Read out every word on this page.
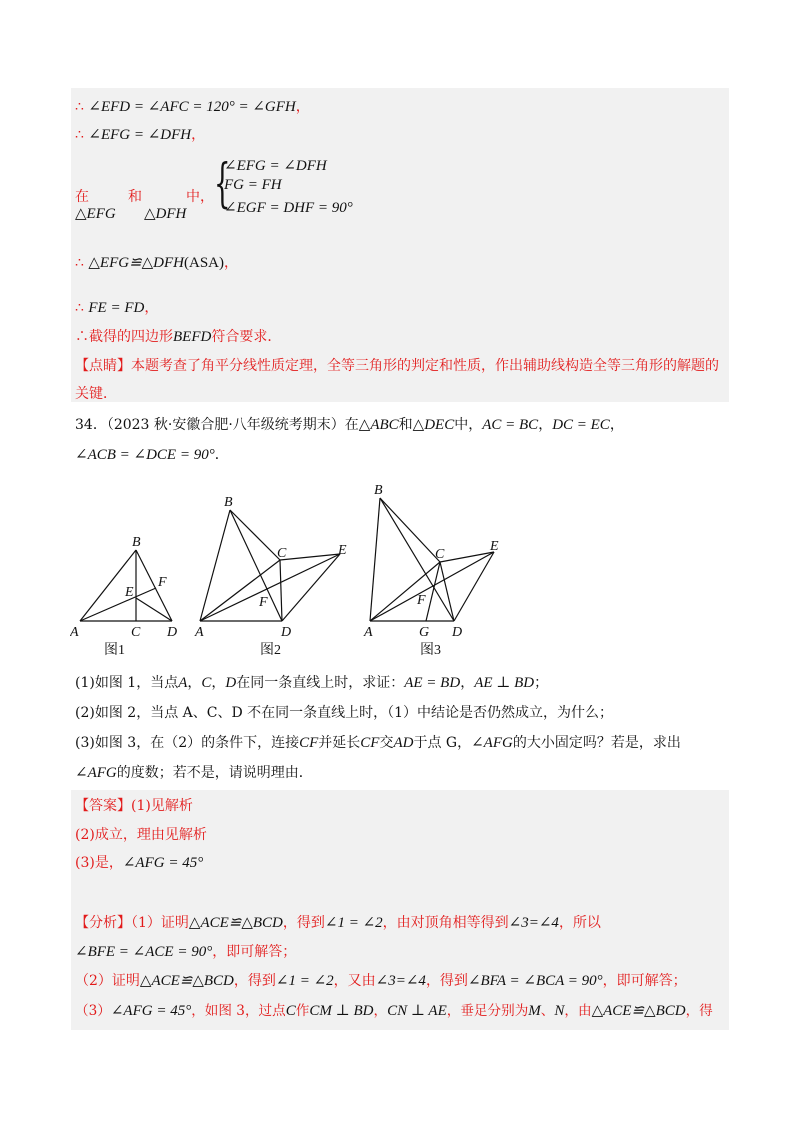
∴ ∠EFD = ∠AFC = 120° = ∠GFH，
∴ ∠EFG = ∠DFH，
在
△EFG
和
△DFH
中， {
∠EFG = ∠DFH
FG = FH
∠EGF = DHF = 90°
∴ △EFG≌△DFH(ASA)，
∴ FE = FD，
∴截得的四边形BEFD符合要求．
【点睛】本题考查了角平分线性质定理，全等三角形的判定和性质，作出辅助线构造全等三角形的解题的
关键．
34．（2023 秋·安徽合肥·八年级统考期末）在△ABC和△DEC中，AC = BC，DC = EC，
∠ACB = ∠DCE = 90°．
B
A	C D
E
F
B
C	E
F
A	D
B
C
E
F
A	G D
图1	图2	图3
(1)如图 1，当点A，C，D在同一条直线上时，求证：AE = BD，AE ⊥ BD；
(2)如图 2，当点 A、C、D 不在同一条直线上时，（1）中结论是否仍然成立，为什么；
(3)如图 3，在（2）的条件下，连接CF并延长CF交AD于点 G，∠AFG的大小固定吗？若是，求出
∠AFG的度数；若不是，请说明理由．
【答案】(1)见解析
(2)成立，理由见解析
(3)是，∠AFG = 45°
【分析】（1）证明△ACE≌△BCD，得到∠1 = ∠2，由对顶角相等得到∠3=∠4，所以
∠BFE = ∠ACE = 90°，即可解答；
（2）证明△ACE≌△BCD，得到∠1 = ∠2，又由∠3=∠4，得到∠BFA = ∠BCA = 90°，即可解答；
（3）∠AFG = 45°，如图 3，过点C作CM ⊥ BD，CN ⊥ AE，垂足分别为M、N，由△ACE≌△BCD，得
